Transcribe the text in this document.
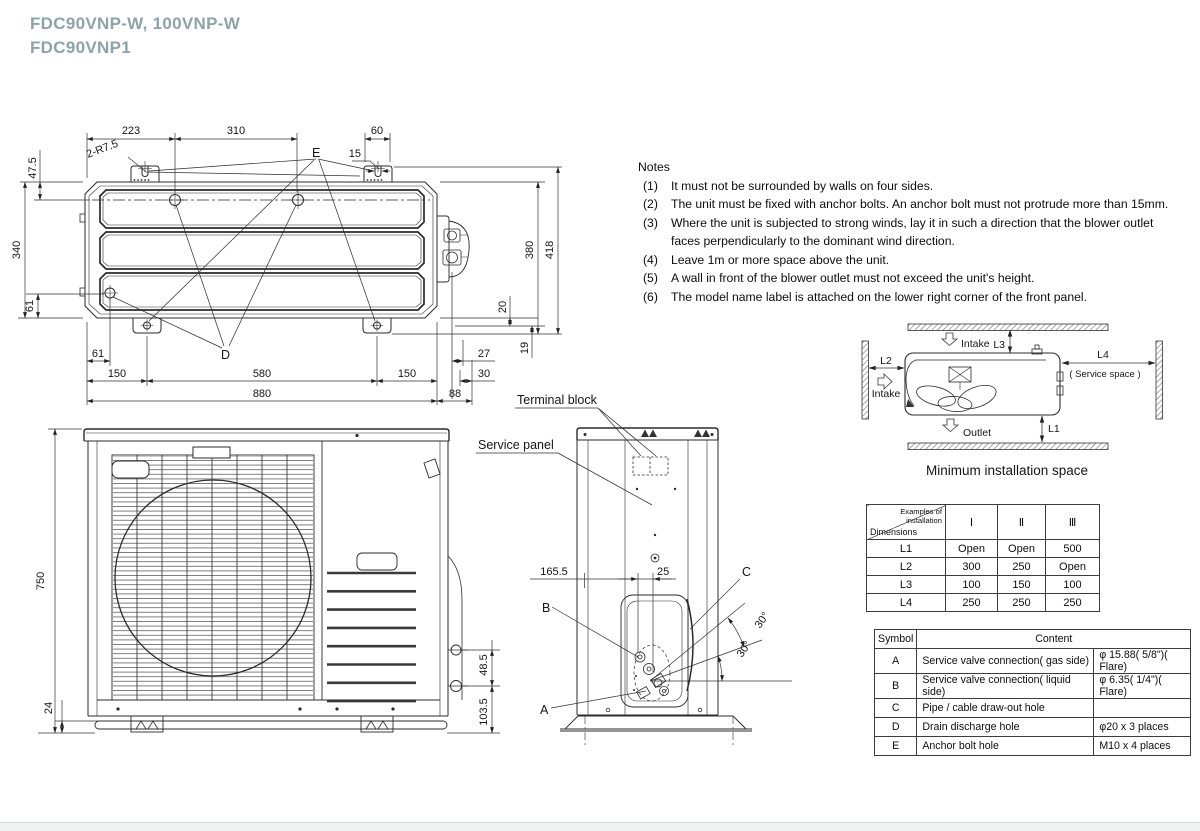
FDC90VNP-W, 100VNP-W
FDC90VNP1
223	310	60
15
2-R7.5	E
D
47.5
340
61
61
150	580	150
880	88
27
30
20
19
380 418
Terminal block
Service panel
750
24
48.5
103.5
165.5	25
B
A
C
30°
30°
Intake L3
L4
( Service space )
L2
Intake
Outlet	L1
Minimum installation space
Notes
(1)	It must not be surrounded by walls on four sides.
(2)	The unit must be fixed with anchor bolts. An anchor bolt must not protrude more than 15mm.
(3)	Where the unit is subjected to strong winds, lay it in such a direction that the blower outlet faces perpendicularly to the dominant wind direction.
(4)	Leave 1m or more space above the unit.
(5)	A wall in front of the blower outlet must not exceed the unit's height.
(6)	The model name label is attached on the lower right corner of the front panel.
Examples of
installation
Dimensions	Ⅰ	Ⅱ	Ⅲ
L1	Open	Open	500
L2	300	250	Open
L3	100	150	100
L4	250	250	250
Symbol	Content	
A	Service valve connection( gas side)	φ 15.88( 5/8")( Flare)
B	Service valve connection( liquid side)	φ 6.35( 1/4")( Flare)
C	Pipe / cable draw-out hole	
D	Drain discharge hole	φ20 x 3 places
E	Anchor bolt hole	M10 x 4 places
